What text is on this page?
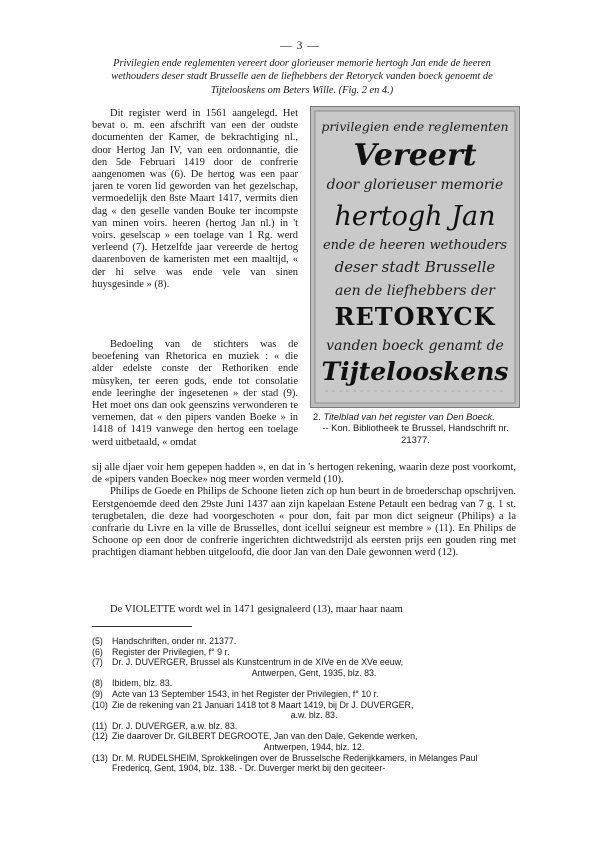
— 3 —
Privilegien ende reglementen vereert door glorieuser memorie hertogh Jan ende de heeren wethouders deser stadt Brusselle aen de liefhebbers der Retoryck vanden boeck genoemt de Tijtelooskens om Beters Wille. (Fig. 2 en 4.)

Dit register werd in 1561 aangelegd. Het bevat o. m. een afschrift van een der oudste documenten der Kamer, de bekrachtiging nl., door Hertog Jan IV, van een ordonnantie, die den 5de Februari 1419 door de confrerie aangenomen was (6). De hertog was een paar jaren te voren lid geworden van het gezelschap, vermoedelijk den 8ste Maart 1417, vermits dien dag « den geselle vanden Bouke ter incompste van minen voirs. heeren (hertog Jan nl.) in 't voirs. geselscap » een toelage van 1 Rg. werd verleend (7). Hetzelfde jaar vereerde de hertog daarenboven de kameristen met een maaltijd, « der hi selve was ende vele van sinen huysgesinde » (8).

Bedoeling van de stichters was de beoefening van Rhetorica en muziek : « die alder edelste conste der Rethoriken ende mùsyken, ter eeren gods, ende tot consolatie ende leeringhe der ingesetenen » der stad (9). Het moet ons dan ook geenszins verwonderen te vernemen, dat « den pipers vanden Boeke » in 1418 of 1419 vanwege den hertog een toelage werd uitbetaald, « omdat

privilegien ende reglementen
Vereert
door glorieuser memorie
hertogh Jan
ende de heeren wethouders
deser stadt Brusselle
aen de liefhebbers der
RETORYCK
vanden boeck genamt de
Tijtelooskens
2. Titelblad van het register van Den Boeck.
-- Kon. Bibliotheek te Brussel, Handschrift nr. 21377.

sij alle djaer voir hem gepepen hadden », en dat in 's hertogen rekening, waarin deze post voorkomt, de «pipers vanden Boecke» nog meer worden vermeld (10).

Philips de Goede en Philips de Schoone lieten zich op hun beurt in de broederschap opschrijven. Eerstgenoemde deed den 29ste Juni 1437 aan zijn kapelaan Estene Petault een bedrag van 7 g. 1 st. terugbetalen, die deze had voorgeschoten « pour don, fait par mon dict seigneur (Philips) a la confrarie du Livre en la ville de Brusselles, dont icellui seigneur est membre » (11). En Philips de Schoone op een door de confrerie ingerichten dichtwedstrijd als eersten prijs een gouden ring met prachtigen diamant hebben uitgeloofd, die door Jan van den Dale gewonnen werd (12).

De VIOLETTE wordt wel in 1471 gesignaleerd (13), maar haar naam

(5)	Handschriften, onder nr. 21377.
(6)	Register der Privilegien, f° 9 r.
(7)	Dr. J. DUVERGER, Brussel als Kunstcentrum in de XIVe en de XVe eeuw,
Antwerpen, Gent, 1935, blz. 83.
(8)	Ibidem, blz. 83.
(9)	Acte van 13 September 1543, in het Register der Privilegien, f° 10 r.
(10) Zie de rekening van 21 Januari 1418 tot 8 Maart 1419, bij Dr J. DUVERGER,
a.w. blz. 83.
(11) Dr. J. DUVERGER, a.w. blz. 83.
(12) Zie daarover Dr. GILBERT DEGROOTE, Jan van den Dale, Gekende werken,
Antwerpen, 1944, blz. 12.
(13) Dr. M. RUDELSHEIM, Sprokkelingen over de Brusselsche Rederijkkamers, in Mélanges Paul Fredericq, Gent, 1904, blz. 138. - Dr. Duverger merkt bij den geciteer-
